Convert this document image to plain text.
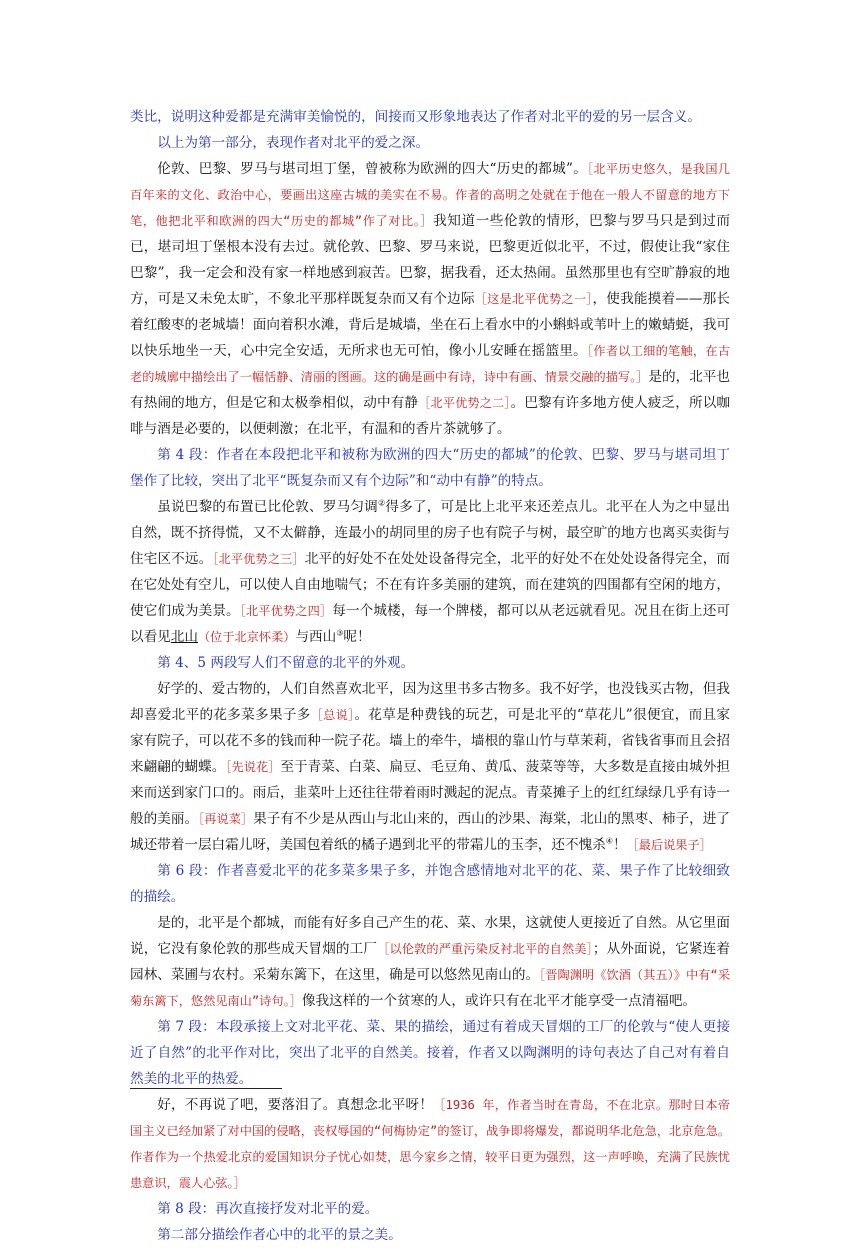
类比，说明这种爱都是充满审美愉悦的，间接而又形象地表达了作者对北平的爱的另一层含义。

以上为第一部分，表现作者对北平的爱之深。

伦敦、巴黎、罗马与堪司坦丁堡，曾被称为欧洲的四大“历史的都城”。［北平历史悠久，是我国几百年来的文化、政治中心，要画出这座古城的美实在不易。作者的高明之处就在于他在一般人不留意的地方下笔，他把北平和欧洲的四大“历史的都城”作了对比。］我知道一些伦敦的情形，巴黎与罗马只是到过而已，堪司坦丁堡根本没有去过。就伦敦、巴黎、罗马来说，巴黎更近似北平，不过，假使让我“家住巴黎”，我一定会和没有家一样地感到寂苦。巴黎，据我看，还太热闹。虽然那里也有空旷静寂的地方，可是又未免太旷，不象北平那样既复杂而又有个边际［这是北平优势之一］，使我能摸着——那长着红酸枣的老城墙！面向着积水滩，背后是城墙，坐在石上看水中的小蝌蚪或苇叶上的嫩蜻蜓，我可以快乐地坐一天，心中完全安适，无所求也无可怕，像小儿安睡在摇篮里。［作者以工细的笔触，在古老的城廓中描绘出了一幅恬静、清丽的图画。这的确是画中有诗，诗中有画、情景交融的描写。］是的，北平也有热闹的地方，但是它和太极拳相似，动中有静［北平优势之二］。巴黎有许多地方使人疲乏，所以咖啡与酒是必要的，以便刺激；在北平，有温和的香片茶就够了。

第 4 段：作者在本段把北平和被称为欧洲的四大“历史的都城”的伦敦、巴黎、罗马与堪司坦丁堡作了比较，突出了北平“既复杂而又有个边际”和“动中有静”的特点。

虽说巴黎的布置已比伦敦、罗马匀调②得多了，可是比上北平来还差点儿。北平在人为之中显出自然，既不挤得慌，又不太僻静，连最小的胡同里的房子也有院子与树，最空旷的地方也离买卖街与住宅区不远。［北平优势之三］北平的好处不在处处设备得完全，北平的好处不在处处设备得完全，而在它处处有空儿，可以使人自由地喘气；不在有许多美丽的建筑，而在建筑的四围都有空闲的地方，使它们成为美景。［北平优势之四］每一个城楼，每一个牌楼，都可以从老远就看见。况且在街上还可以看见北山（位于北京怀柔）与西山③呢！

第 4、5 两段写人们不留意的北平的外观。

好学的、爱古物的，人们自然喜欢北平，因为这里书多古物多。我不好学，也没钱买古物，但我却喜爱北平的花多菜多果子多［总说］。花草是种费钱的玩艺，可是北平的“草花儿”很便宜，而且家家有院子，可以花不多的钱而种一院子花。墙上的牵牛，墙根的靠山竹与草茉莉，省钱省事而且会招来翩翩的蝴蝶。［先说花］至于青菜、白菜、扁豆、毛豆角、黄瓜、菠菜等等，大多数是直接由城外担来而送到家门口的。雨后，韭菜叶上还往往带着雨时溅起的泥点。青菜摊子上的红红绿绿几乎有诗一般的美丽。［再说菜］果子有不少是从西山与北山来的，西山的沙果、海棠，北山的黑枣、柿子，进了城还带着一层白霜儿呀，美国包着纸的橘子遇到北平的带霜儿的玉李，还不愧杀④！［最后说果子］

第 6 段：作者喜爱北平的花多菜多果子多，并饱含感情地对北平的花、菜、果子作了比较细致的描绘。

是的，北平是个都城，而能有好多自己产生的花、菜、水果，这就使人更接近了自然。从它里面说，它没有象伦敦的那些成天冒烟的工厂［以伦敦的严重污染反衬北平的自然美］；从外面说，它紧连着园林、菜圃与农村。采菊东篱下，在这里，确是可以悠然见南山的。［晋陶渊明《饮酒（其五）》中有“采菊东篱下，悠然见南山”诗句。］像我这样的一个贫寒的人，或许只有在北平才能享受一点清福吧。

第 7 段：本段承接上文对北平花、菜、果的描绘，通过有着成天冒烟的工厂的伦敦与“使人更接近了自然”的北平作对比，突出了北平的自然美。接着，作者又以陶渊明的诗句表达了自己对有着自然美的北平的热爱。

好，不再说了吧，要落泪了。真想念北平呀！［1936 年，作者当时在青岛，不在北京。那时日本帝国主义已经加紧了对中国的侵略，丧权辱国的“何梅协定”的签订，战争即将爆发，都说明华北危急，北京危急。作者作为一个热爱北京的爱国知识分子忧心如焚，思今家乡之情，较平日更为强烈，这一声呼唤，充满了民族忧患意识，震人心弦。］

第 8 段：再次直接抒发对北平的爱。

第二部分描绘作者心中的北平的景之美。
